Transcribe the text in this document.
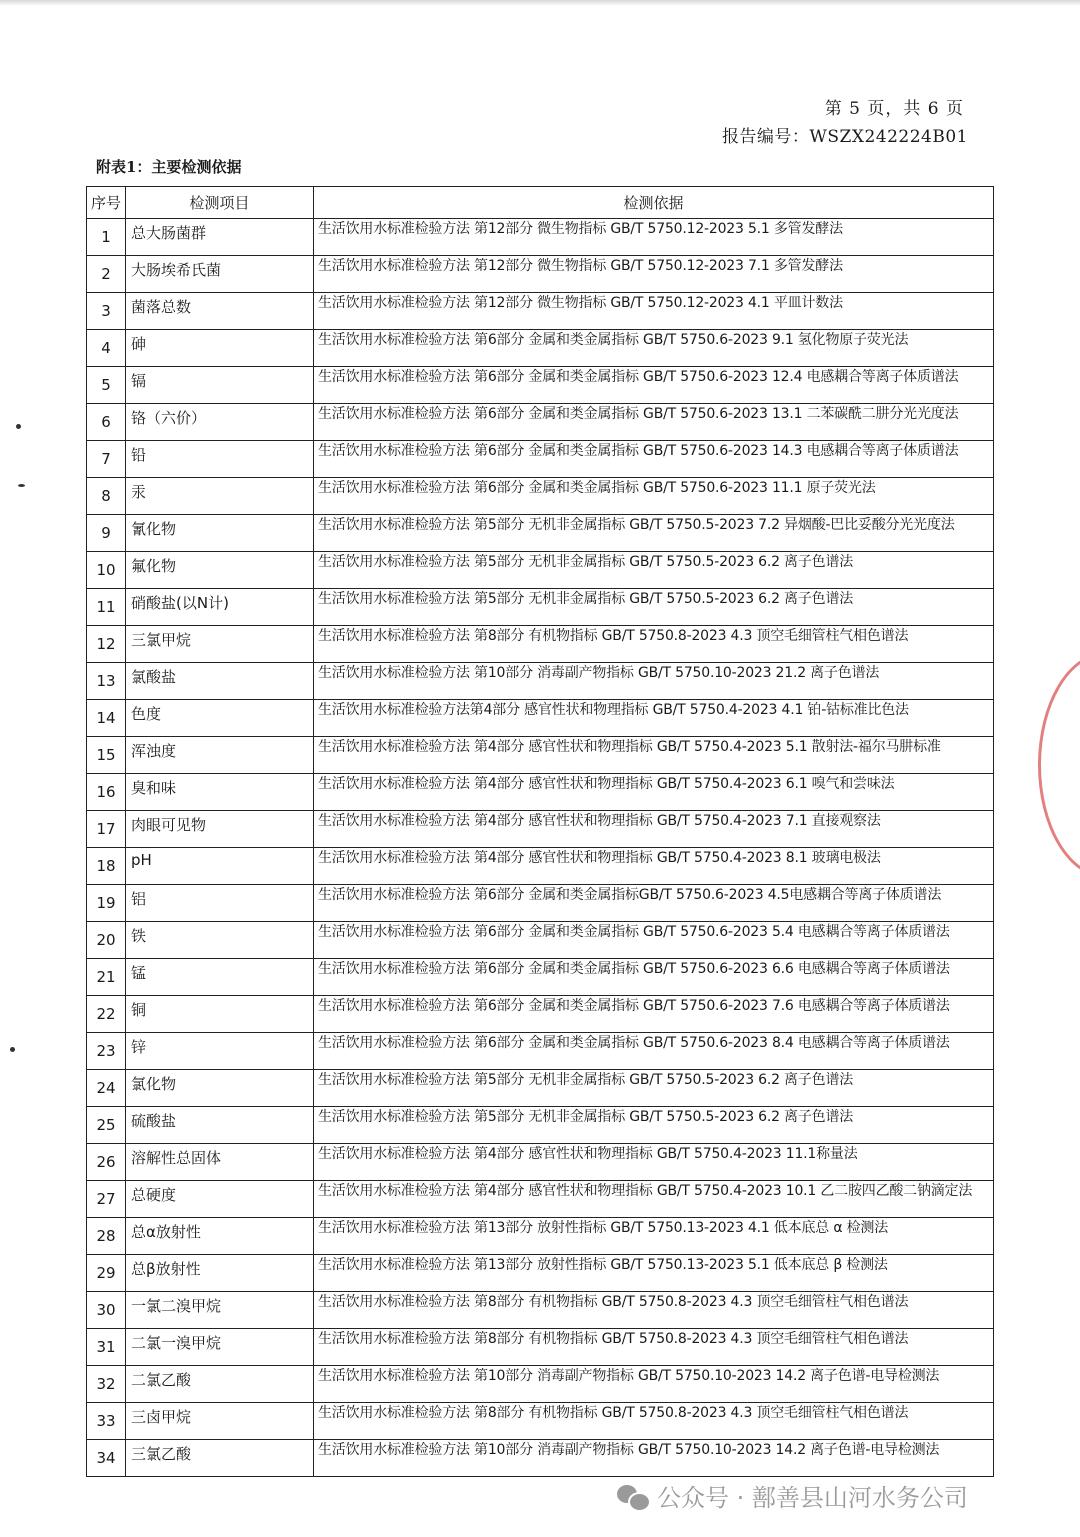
第 5 页，共 6 页
报告编号：WSZX242224B01
附表1：主要检测依据
序号	检测项目	检测依据
1	总大肠菌群	生活饮用水标准检验方法 第12部分 微生物指标 GB/T 5750.12-2023 5.1 多管发酵法
2	大肠埃希氏菌	生活饮用水标准检验方法 第12部分 微生物指标 GB/T 5750.12-2023 7.1 多管发酵法
3	菌落总数	生活饮用水标准检验方法 第12部分 微生物指标 GB/T 5750.12-2023 4.1 平皿计数法
4	砷	生活饮用水标准检验方法 第6部分 金属和类金属指标 GB/T 5750.6-2023 9.1 氢化物原子荧光法
5	镉	生活饮用水标准检验方法 第6部分 金属和类金属指标 GB/T 5750.6-2023 12.4 电感耦合等离子体质谱法
6	铬（六价）	生活饮用水标准检验方法 第6部分 金属和类金属指标 GB/T 5750.6-2023 13.1 二苯碳酰二肼分光光度法
7	铅	生活饮用水标准检验方法 第6部分 金属和类金属指标 GB/T 5750.6-2023 14.3 电感耦合等离子体质谱法
8	汞	生活饮用水标准检验方法 第6部分 金属和类金属指标 GB/T 5750.6-2023 11.1 原子荧光法
9	氰化物	生活饮用水标准检验方法 第5部分 无机非金属指标 GB/T 5750.5-2023 7.2 异烟酸-巴比妥酸分光光度法
10	氟化物	生活饮用水标准检验方法 第5部分 无机非金属指标 GB/T 5750.5-2023 6.2 离子色谱法
11	硝酸盐(以N计)	生活饮用水标准检验方法 第5部分 无机非金属指标 GB/T 5750.5-2023 6.2 离子色谱法
12	三氯甲烷	生活饮用水标准检验方法 第8部分 有机物指标 GB/T 5750.8-2023 4.3 顶空毛细管柱气相色谱法
13	氯酸盐	生活饮用水标准检验方法 第10部分 消毒副产物指标 GB/T 5750.10-2023 21.2 离子色谱法
14	色度	生活饮用水标准检验方法第4部分 感官性状和物理指标 GB/T 5750.4-2023 4.1 铂-钴标准比色法
15	浑浊度	生活饮用水标准检验方法 第4部分 感官性状和物理指标 GB/T 5750.4-2023 5.1 散射法-福尔马肼标准
16	臭和味	生活饮用水标准检验方法 第4部分 感官性状和物理指标 GB/T 5750.4-2023 6.1 嗅气和尝味法
17	肉眼可见物	生活饮用水标准检验方法 第4部分 感官性状和物理指标 GB/T 5750.4-2023 7.1 直接观察法
18	pH	生活饮用水标准检验方法 第4部分 感官性状和物理指标 GB/T 5750.4-2023 8.1 玻璃电极法
19	铝	生活饮用水标准检验方法 第6部分 金属和类金属指标GB/T 5750.6-2023 4.5电感耦合等离子体质谱法
20	铁	生活饮用水标准检验方法 第6部分 金属和类金属指标 GB/T 5750.6-2023 5.4 电感耦合等离子体质谱法
21	锰	生活饮用水标准检验方法 第6部分 金属和类金属指标 GB/T 5750.6-2023 6.6 电感耦合等离子体质谱法
22	铜	生活饮用水标准检验方法 第6部分 金属和类金属指标 GB/T 5750.6-2023 7.6 电感耦合等离子体质谱法
23	锌	生活饮用水标准检验方法 第6部分 金属和类金属指标 GB/T 5750.6-2023 8.4 电感耦合等离子体质谱法
24	氯化物	生活饮用水标准检验方法 第5部分 无机非金属指标 GB/T 5750.5-2023 6.2 离子色谱法
25	硫酸盐	生活饮用水标准检验方法 第5部分 无机非金属指标 GB/T 5750.5-2023 6.2 离子色谱法
26	溶解性总固体	生活饮用水标准检验方法 第4部分 感官性状和物理指标 GB/T 5750.4-2023 11.1称量法
27	总硬度	生活饮用水标准检验方法 第4部分 感官性状和物理指标 GB/T 5750.4-2023 10.1 乙二胺四乙酸二钠滴定法
28	总α放射性	生活饮用水标准检验方法 第13部分 放射性指标 GB/T 5750.13-2023 4.1 低本底总 α 检测法
29	总β放射性	生活饮用水标准检验方法 第13部分 放射性指标 GB/T 5750.13-2023 5.1 低本底总 β 检测法
30	一氯二溴甲烷	生活饮用水标准检验方法 第8部分 有机物指标 GB/T 5750.8-2023 4.3 顶空毛细管柱气相色谱法
31	二氯一溴甲烷	生活饮用水标准检验方法 第8部分 有机物指标 GB/T 5750.8-2023 4.3 顶空毛细管柱气相色谱法
32	二氯乙酸	生活饮用水标准检验方法 第10部分 消毒副产物指标 GB/T 5750.10-2023 14.2 离子色谱-电导检测法
33	三卤甲烷	生活饮用水标准检验方法 第8部分 有机物指标 GB/T 5750.8-2023 4.3 顶空毛细管柱气相色谱法
34	三氯乙酸	生活饮用水标准检验方法 第10部分 消毒副产物指标 GB/T 5750.10-2023 14.2 离子色谱-电导检测法
公众号 · 鄯善县山河水务公司
